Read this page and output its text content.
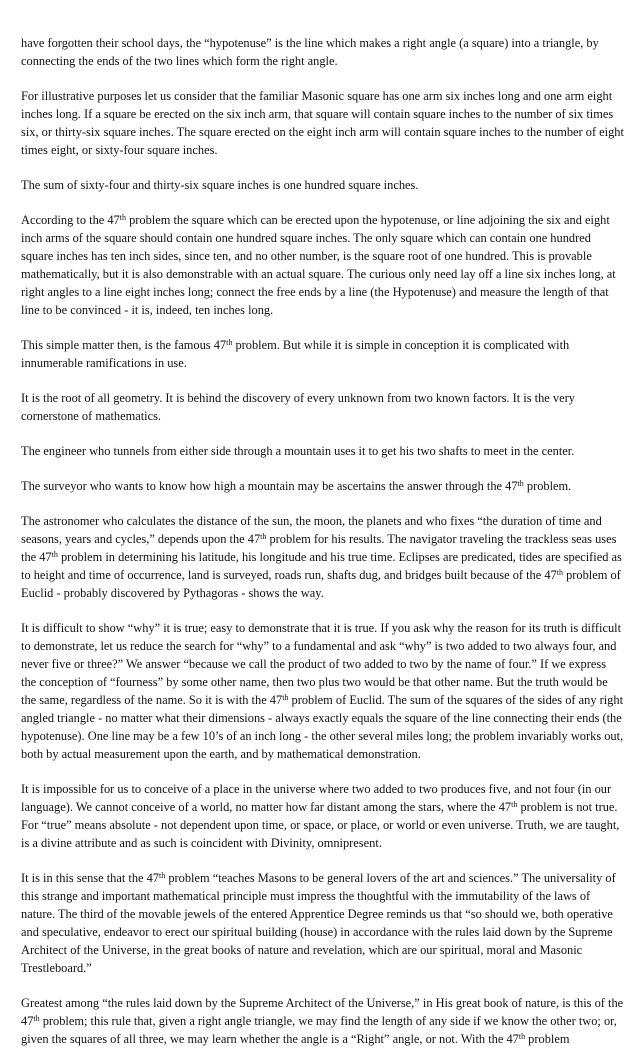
have forgotten their school days, the “hypotenuse” is the line which makes a right angle (a square) into a triangle, by connecting the ends of the two lines which form the right angle.

For illustrative purposes let us consider that the familiar Masonic square has one arm six inches long and one arm eight inches long. If a square be erected on the six inch arm, that square will contain square inches to the number of six times six, or thirty-six square inches. The square erected on the eight inch arm will contain square inches to the number of eight times eight, or sixty-four square inches.

The sum of sixty-four and thirty-six square inches is one hundred square inches.

According to the 47th problem the square which can be erected upon the hypotenuse, or line adjoining the six and eight inch arms of the square should contain one hundred square inches. The only square which can contain one hundred square inches has ten inch sides, since ten, and no other number, is the square root of one hundred. This is provable mathematically, but it is also demonstrable with an actual square. The curious only need lay off a line six inches long, at right angles to a line eight inches long; connect the free ends by a line (the Hypotenuse) and measure the length of that line to be convinced - it is, indeed, ten inches long.

This simple matter then, is the famous 47th problem. But while it is simple in conception it is complicated with innumerable ramifications in use.

It is the root of all geometry. It is behind the discovery of every unknown from two known factors. It is the very cornerstone of mathematics.

The engineer who tunnels from either side through a mountain uses it to get his two shafts to meet in the center.

The surveyor who wants to know how high a mountain may be ascertains the answer through the 47th problem.

The astronomer who calculates the distance of the sun, the moon, the planets and who fixes “the duration of time and seasons, years and cycles,” depends upon the 47th problem for his results. The navigator traveling the trackless seas uses the 47th problem in determining his latitude, his longitude and his true time. Eclipses are predicated, tides are specified as to height and time of occurrence, land is surveyed, roads run, shafts dug, and bridges built because of the 47th problem of Euclid - probably discovered by Pythagoras - shows the way.

It is difficult to show “why” it is true; easy to demonstrate that it is true. If you ask why the reason for its truth is difficult to demonstrate, let us reduce the search for “why” to a fundamental and ask “why” is two added to two always four, and never five or three?” We answer “because we call the product of two added to two by the name of four.” If we express the conception of “fourness” by some other name, then two plus two would be that other name. But the truth would be the same, regardless of the name. So it is with the 47th problem of Euclid. The sum of the squares of the sides of any right angled triangle - no matter what their dimensions - always exactly equals the square of the line connecting their ends (the hypotenuse). One line may be a few 10’s of an inch long - the other several miles long; the problem invariably works out, both by actual measurement upon the earth, and by mathematical demonstration.

It is impossible for us to conceive of a place in the universe where two added to two produces five, and not four (in our language). We cannot conceive of a world, no matter how far distant among the stars, where the 47th problem is not true. For “true” means absolute - not dependent upon time, or space, or place, or world or even universe. Truth, we are taught, is a divine attribute and as such is coincident with Divinity, omnipresent.

It is in this sense that the 47th problem “teaches Masons to be general lovers of the art and sciences.” The universality of this strange and important mathematical principle must impress the thoughtful with the immutability of the laws of nature. The third of the movable jewels of the entered Apprentice Degree reminds us that “so should we, both operative and speculative, endeavor to erect our spiritual building (house) in accordance with the rules laid down by the Supreme Architect of the Universe, in the great books of nature and revelation, which are our spiritual, moral and Masonic Trestleboard.”

Greatest among “the rules laid down by the Supreme Architect of the Universe,” in His great book of nature, is this of the 47th problem; this rule that, given a right angle triangle, we may find the length of any side if we know the other two; or, given the squares of all three, we may learn whether the angle is a “Right” angle, or not. With the 47th problem
